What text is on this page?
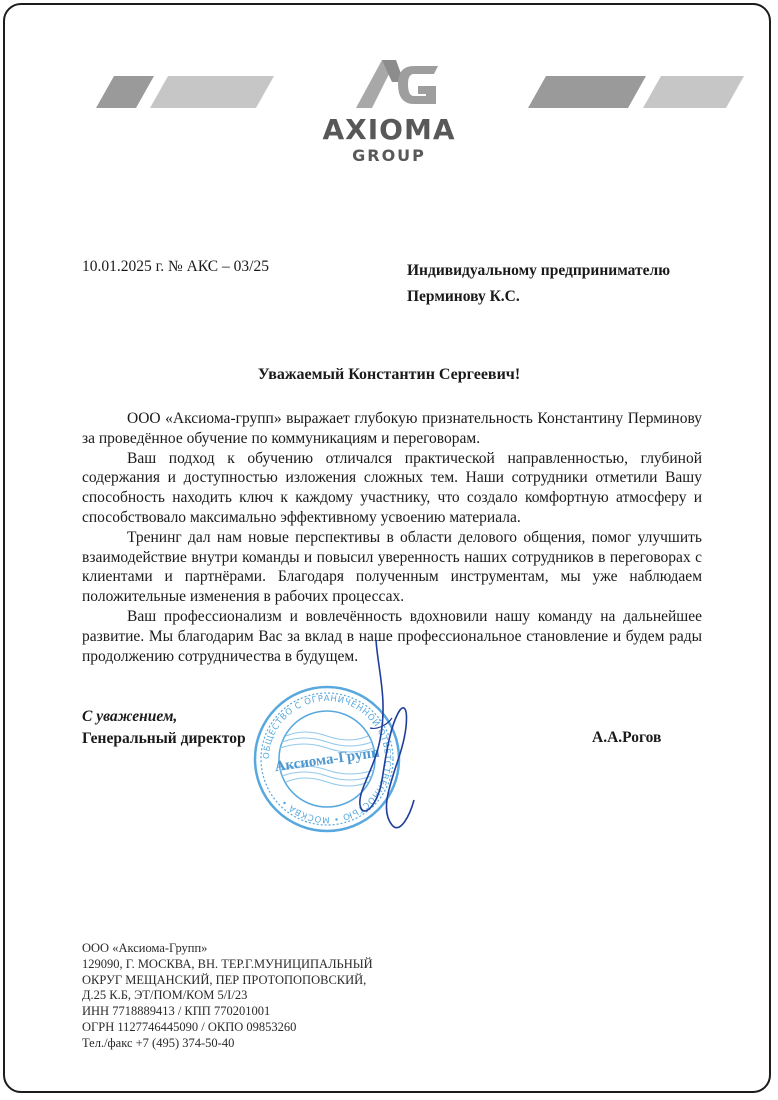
AXIOMA
GROUP
10.01.2025 г. № АКС – 03/25	Индивидуальному предпринимателю
Перминову К.С.
Уважаемый Константин Сергеевич!

ООО «Аксиома-групп» выражает глубокую признательность Константину Перминову за проведённое обучение по коммуникациям и переговорам.

Ваш подход к обучению отличался практической направленностью, глубиной содержания и доступностью изложения сложных тем. Наши сотрудники отметили Вашу способность находить ключ к каждому участнику, что создало комфортную атмосферу и способствовало максимально эффективному усвоению материала.

Тренинг дал нам новые перспективы в области делового общения, помог улучшить взаимодействие внутри команды и повысил уверенность наших сотрудников в переговорах с клиентами и партнёрами. Благодаря полученным инструментам, мы уже наблюдаем положительные изменения в рабочих процессах.

Ваш профессионализм и вовлечённость вдохновили нашу команду на дальнейшее развитие. Мы благодарим Вас за вклад в наше профессиональное становление и будем рады продолжению сотрудничества в будущем.

С уважением,
Генеральный директор	А.А.Рогов
ОБЩЕСТВО С ОГРАНИЧЕННОЙ ОТВЕТСТВЕННОСТЬЮ • МОСКВА •
Аксиома-Групп
ООО «Аксиома-Групп»
129090, Г. МОСКВА, ВН. ТЕР.Г.МУНИЦИПАЛЬНЫЙ
ОКРУГ МЕЩАНСКИЙ, ПЕР ПРОТОПОПОВСКИЙ,
Д.25 К.Б, ЭТ/ПОМ/КОМ 5/I/23
ИНН 7718889413 / КПП 770201001
ОГРН 1127746445090 / ОКПО 09853260
Тел./факс +7 (495) 374-50-40
